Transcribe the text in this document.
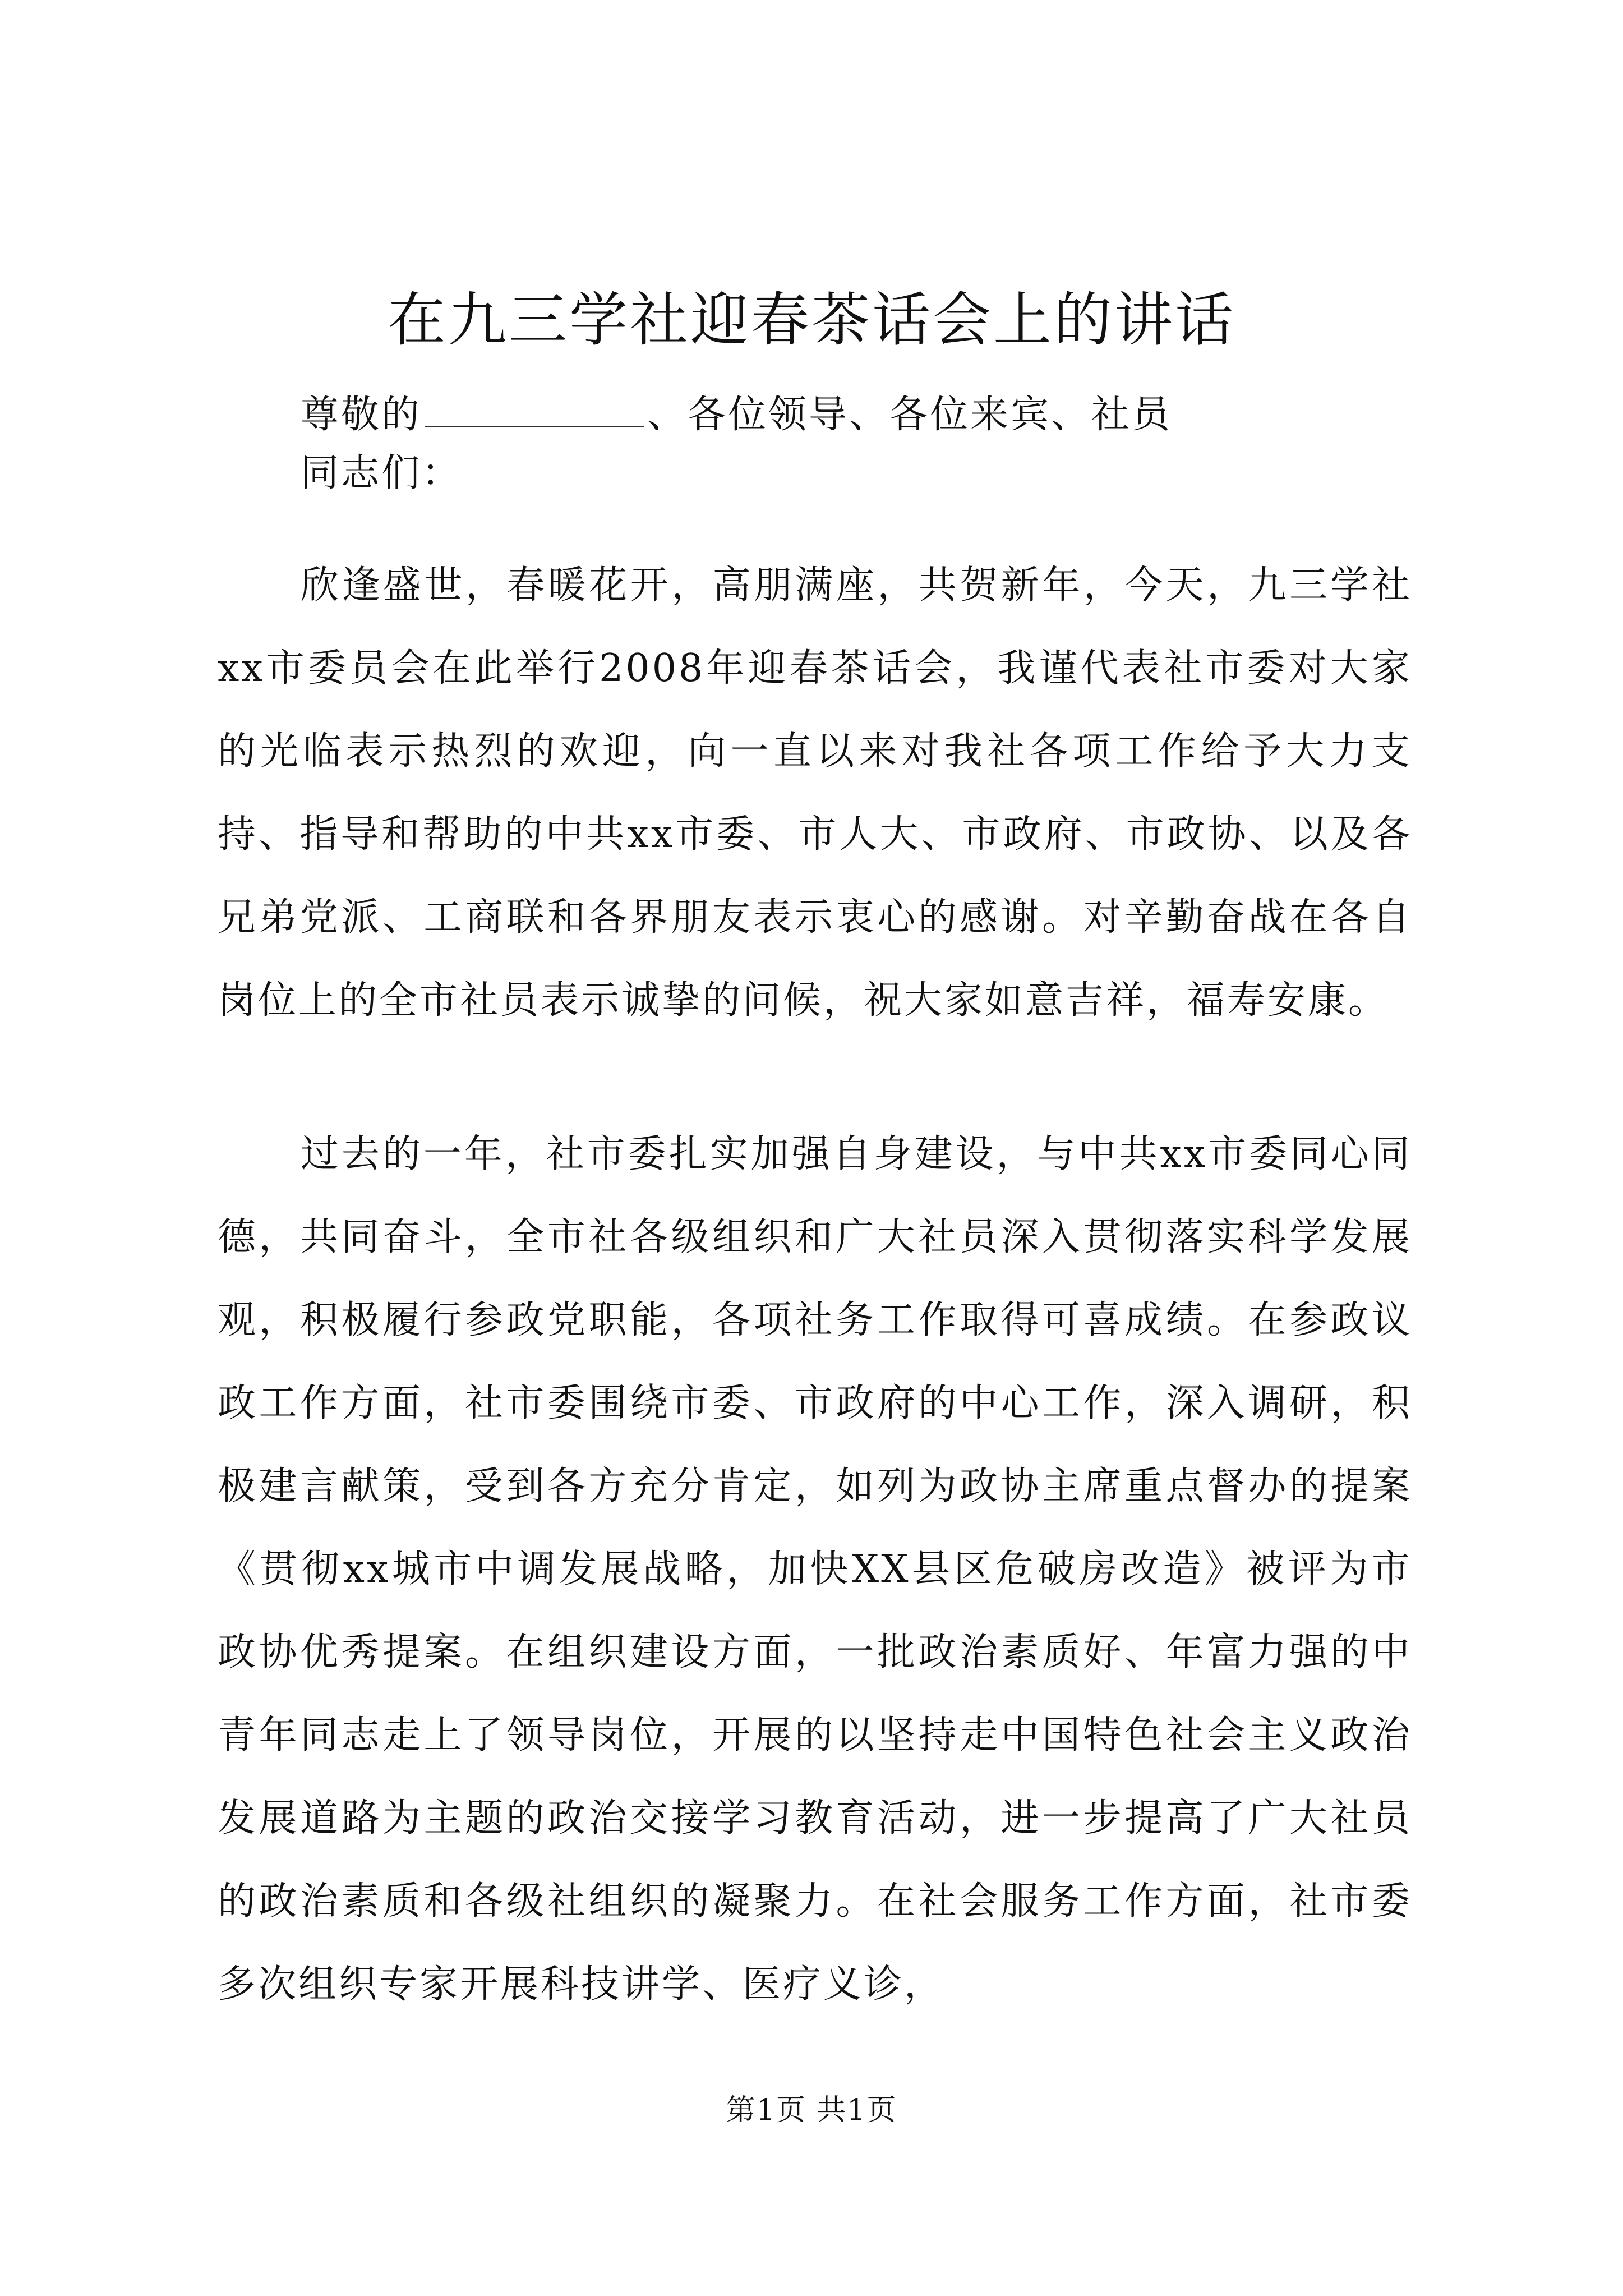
在九三学社迎春茶话会上的讲话
尊敬的	、各位领导、各位来宾、社员
同志们：

欣逢盛世，春暖花开，高朋满座，共贺新年，今天，九三学社xx市委员会在此举行2008年迎春茶话会，我谨代表社市委对大家的光临表示热烈的欢迎，向一直以来对我社各项工作给予大力支持、指导和帮助的中共xx市委、市人大、市政府、市政协、以及各兄弟党派、工商联和各界朋友表示衷心的感谢。对辛勤奋战在各自岗位上的全市社员表示诚挚的问候，祝大家如意吉祥，福寿安康。

过去的一年，社市委扎实加强自身建设，与中共xx市委同心同德，共同奋斗，全市社各级组织和广大社员深入贯彻落实科学发展观，积极履行参政党职能，各项社务工作取得可喜成绩。在参政议政工作方面，社市委围绕市委、市政府的中心工作，深入调研，积极建言献策，受到各方充分肯定，如列为政协主席重点督办的提案《贯彻xx城市中调发展战略，加快XX县区危破房改造》被评为市政协优秀提案。在组织建设方面，一批政治素质好、年富力强的中青年同志走上了领导岗位，开展的以坚持走中国特色社会主义政治发展道路为主题的政治交接学习教育活动，进一步提高了广大社员的政治素质和各级社组织的凝聚力。在社会服务工作方面，社市委多次组织专家开展科技讲学、医疗义诊，

第1页 共1页
